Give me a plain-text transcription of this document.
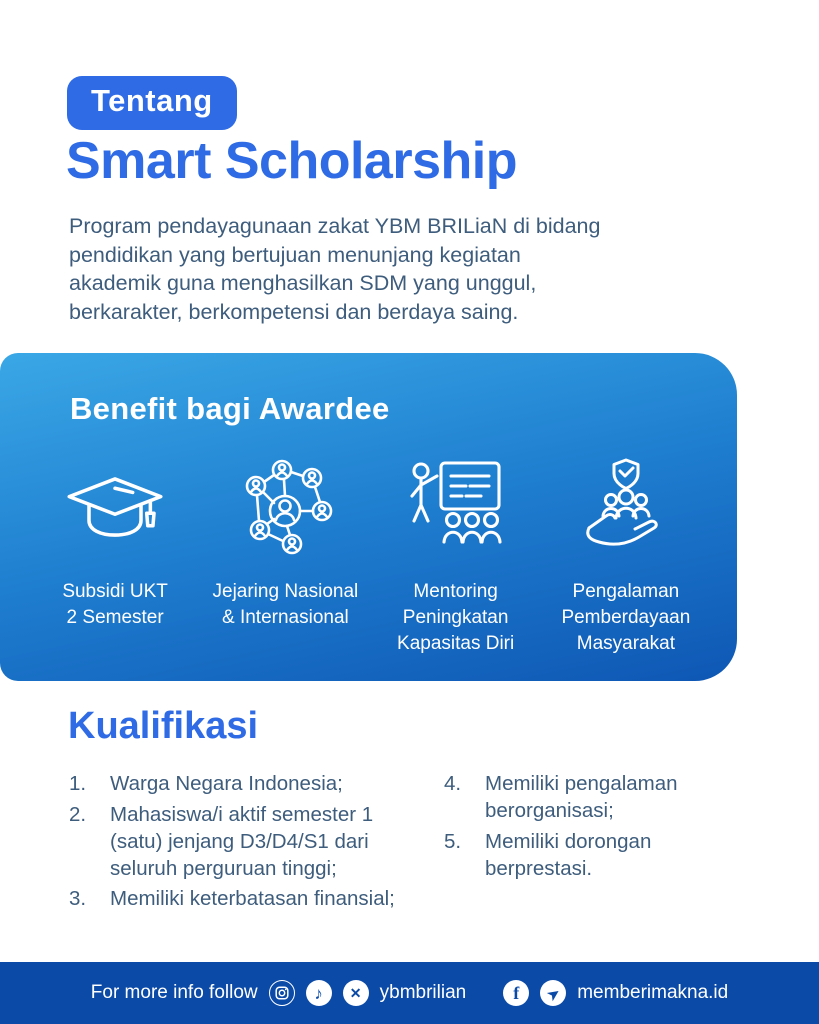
Tentang
Smart Scholarship

Program pendayagunaan zakat YBM BRILiaN di bidang pendidikan yang bertujuan menunjang kegiatan akademik guna menghasilkan SDM yang unggul, berkarakter, berkompetensi dan berdaya saing.

Benefit bagi Awardee
Subsidi UKT
2 Semester
Jejaring Nasional
& Internasional
Mentoring
Peningkatan
Kapasitas Diri
Pengalaman
Pemberdayaan
Masyarakat
Kualifikasi
1.	Warga Negara Indonesia;
2.	Mahasiswa/i aktif semester 1 (satu) jenjang D3/D4/S1 dari seluruh perguruan tinggi;
3.	Memiliki keterbatasan finansial;
4.	Memiliki pengalaman berorganisasi;
5.	Memiliki dorongan berprestasi.
For more info follow	♪ ✕ ybmbrilian	f ➤ memberimakna.id
